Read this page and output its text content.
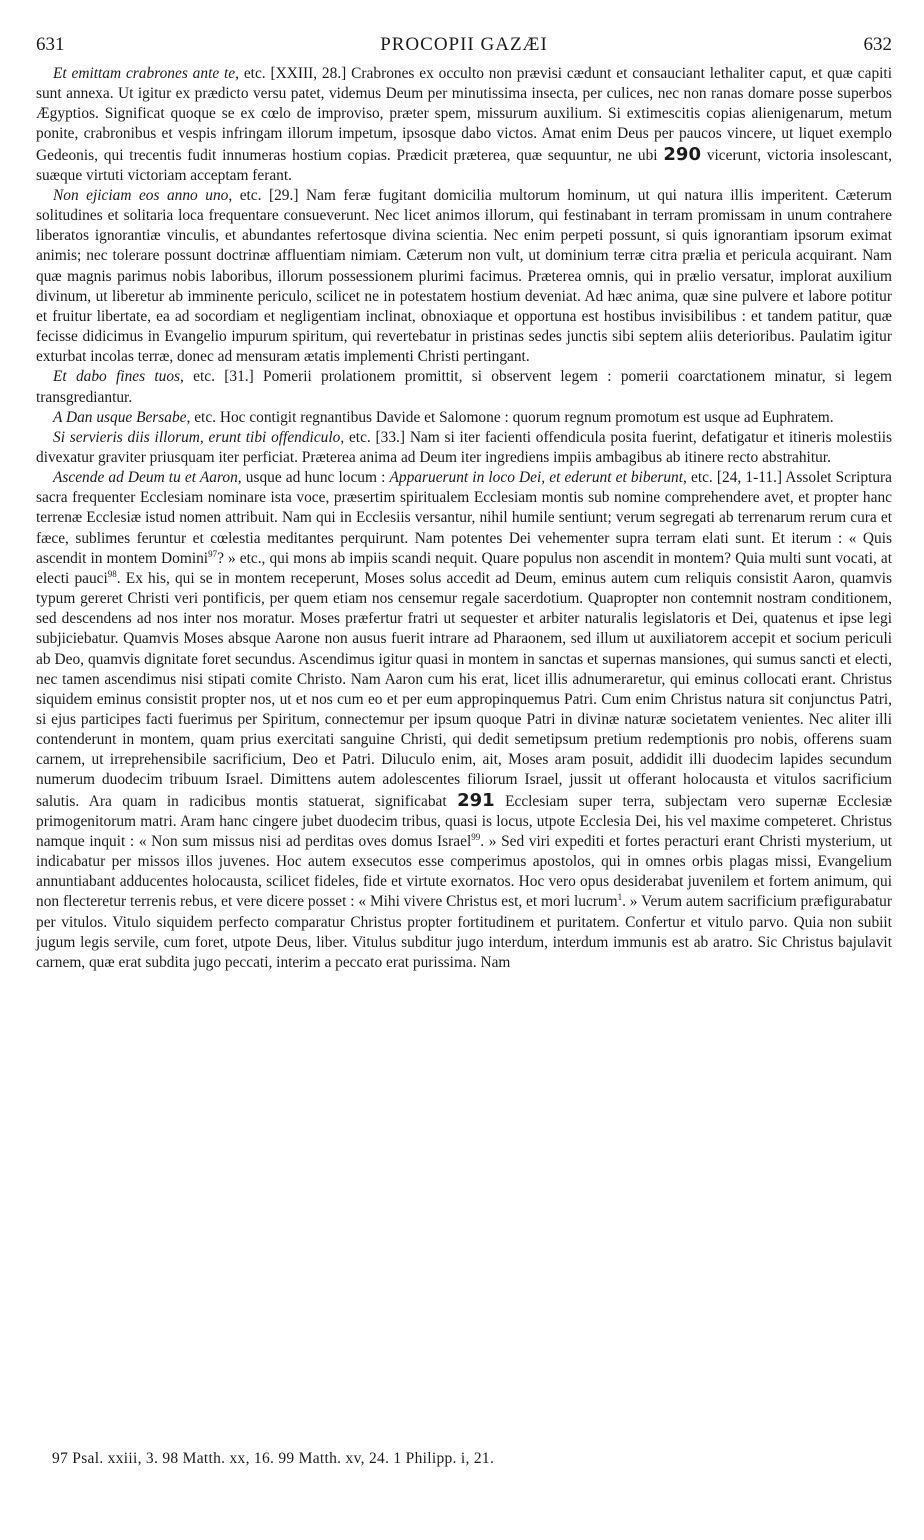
631	PROCOPII GAZÆI	632

Et emittam crabrones ante te, etc. [XXIII, 28.] Crabrones ex occulto non prævisi cædunt et consauciant lethaliter caput, et quæ capiti sunt annexa. Ut igitur ex prædicto versu patet, videmus Deum per minutissima insecta, per culices, nec non ranas domare posse superbos Ægyptios. Significat quoque se ex cœlo de improviso, præter spem, missurum auxilium. Si extimescitis copias alienigenarum, metum ponite, crabronibus et vespis infringam illorum impetum, ipsosque dabo victos. Amat enim Deus per paucos vincere, ut liquet exemplo Gedeonis, qui trecentis fudit innumeras hostium copias. Prædicit præterea, quæ sequuntur, ne ubi 290 vicerunt, victoria insolescant, suæque virtuti victoriam acceptam ferant.

Non ejiciam eos anno uno, etc. [29.] Nam feræ fugitant domicilia multorum hominum, ut qui natura illis imperitent. Cæterum solitudines et solitaria loca frequentare consueverunt. Nec licet animos illorum, qui festinabant in terram promissam in unum contrahere liberatos ignorantiæ vinculis, et abundantes refertosque divina scientia. Nec enim perpeti possunt, si quis ignorantiam ipsorum eximat animis; nec tolerare possunt doctrinæ affluentiam nimiam. Cæterum non vult, ut dominium terræ citra prælia et pericula acquirant. Nam quæ magnis parimus nobis laboribus, illorum possessionem plurimi facimus. Præterea omnis, qui in prælio versatur, implorat auxilium divinum, ut liberetur ab imminente periculo, scilicet ne in potestatem hostium deveniat. Ad hæc anima, quæ sine pulvere et labore potitur et fruitur libertate, ea ad socordiam et negligentiam inclinat, obnoxiaque et opportuna est hostibus invisibilibus : et tandem patitur, quæ fecisse didicimus in Evangelio impurum spiritum, qui revertebatur in pristinas sedes junctis sibi septem aliis deterioribus. Paulatim igitur exturbat incolas terræ, donec ad mensuram ætatis implementi Christi pertingant.

Et dabo fines tuos, etc. [31.] Pomerii prolationem promittit, si observent legem : pomerii coarctationem minatur, si legem transgrediantur.

A Dan usque Bersabe, etc. Hoc contigit regnantibus Davide et Salomone : quorum regnum promotum est usque ad Euphratem.

Si servieris diis illorum, erunt tibi offendiculo, etc. [33.] Nam si iter facienti offendicula posita fuerint, defatigatur et itineris molestiis divexatur graviter priusquam iter perficiat. Præterea anima ad Deum iter ingrediens impiis ambagibus ab itinere recto abstrahitur.

Ascende ad Deum tu et Aaron, usque ad hunc locum : Apparuerunt in loco Dei, et ederunt et biberunt, etc. [24, 1-11.] Assolet Scriptura sacra frequenter Ecclesiam nominare ista voce, præsertim spiritualem Ecclesiam montis sub nomine comprehendere avet, et propter hanc terrenæ Ecclesiæ istud nomen attribuit. Nam qui in Ecclesiis versantur, nihil humile sentiunt; verum segregati ab terrenarum rerum cura et fæce, sublimes feruntur et cœlestia meditantes perquirunt. Nam potentes Dei vehementer supra terram elati sunt. Et iterum : « Quis ascendit in montem Domini$^{97}$? » etc., qui mons ab impiis scandi nequit. Quare populus non ascendit in montem? Quia multi sunt vocati, at electi pauci$^{98}$. Ex his, qui se in montem receperunt, Moses solus accedit ad Deum, eminus autem cum reliquis consistit Aaron, quamvis typum gereret Christi veri pontificis, per quem etiam nos censemur regale sacerdotium. Quapropter non contemnit nostram conditionem, sed descendens ad nos inter nos moratur. Moses præfertur fratri ut sequester et arbiter naturalis legislatoris et Dei, quatenus et ipse legi subjiciebatur. Quamvis Moses absque Aarone non ausus fuerit intrare ad Pharaonem, sed illum ut auxiliatorem accepit et socium periculi ab Deo, quamvis dignitate foret secundus. Ascendimus igitur quasi in montem in sanctas et supernas mansiones, qui sumus sancti et electi, nec tamen ascendimus nisi stipati comite Christo. Nam Aaron cum his erat, licet illis adnumeraretur, qui eminus collocati erant. Christus siquidem eminus consistit propter nos, ut et nos cum eo et per eum appropinquemus Patri. Cum enim Christus natura sit conjunctus Patri, si ejus participes facti fuerimus per Spiritum, connectemur per ipsum quoque Patri in divinæ naturæ societatem venientes. Nec aliter illi contenderunt in montem, quam prius exercitati sanguine Christi, qui dedit semetipsum pretium redemptionis pro nobis, offerens suam carnem, ut irreprehensibile sacrificium, Deo et Patri. Diluculo enim, ait, Moses aram posuit, addidit illi duodecim lapides secundum numerum duodecim tribuum Israel. Dimittens autem adolescentes filiorum Israel, jussit ut offerant holocausta et vitulos sacrificium salutis. Ara quam in radicibus montis statuerat, significabat 291 Ecclesiam super terra, subjectam vero supernæ Ecclesiæ primogenitorum matri. Aram hanc cingere jubet duodecim tribus, quasi is locus, utpote Ecclesia Dei, his vel maxime competeret. Christus namque inquit : « Non sum missus nisi ad perditas oves domus Israel$^{99}$. » Sed viri expediti et fortes peracturi erant Christi mysterium, ut indicabatur per missos illos juvenes. Hoc autem exsecutos esse comperimus apostolos, qui in omnes orbis plagas missi, Evangelium annuntiabant adducentes holocausta, scilicet fideles, fide et virtute exornatos. Hoc vero opus desiderabat juvenilem et fortem animum, qui non flecteretur terrenis rebus, et vere dicere posset : « Mihi vivere Christus est, et mori lucrum$^1$. » Verum autem sacrificium præfigurabatur per vitulos. Vitulo siquidem perfecto comparatur Christus propter fortitudinem et puritatem. Confertur et vitulo parvo. Quia non subiit jugum legis servile, cum foret, utpote Deus, liber. Vitulus subditur jugo interdum, interdum immunis est ab aratro. Sic Christus bajulavit carnem, quæ erat subdita jugo peccati, interim a peccato erat purissima. Nam

97 Psal. xxiii, 3. 98 Matth. xx, 16. 99 Matth. xv, 24. 1 Philipp. i, 21.
